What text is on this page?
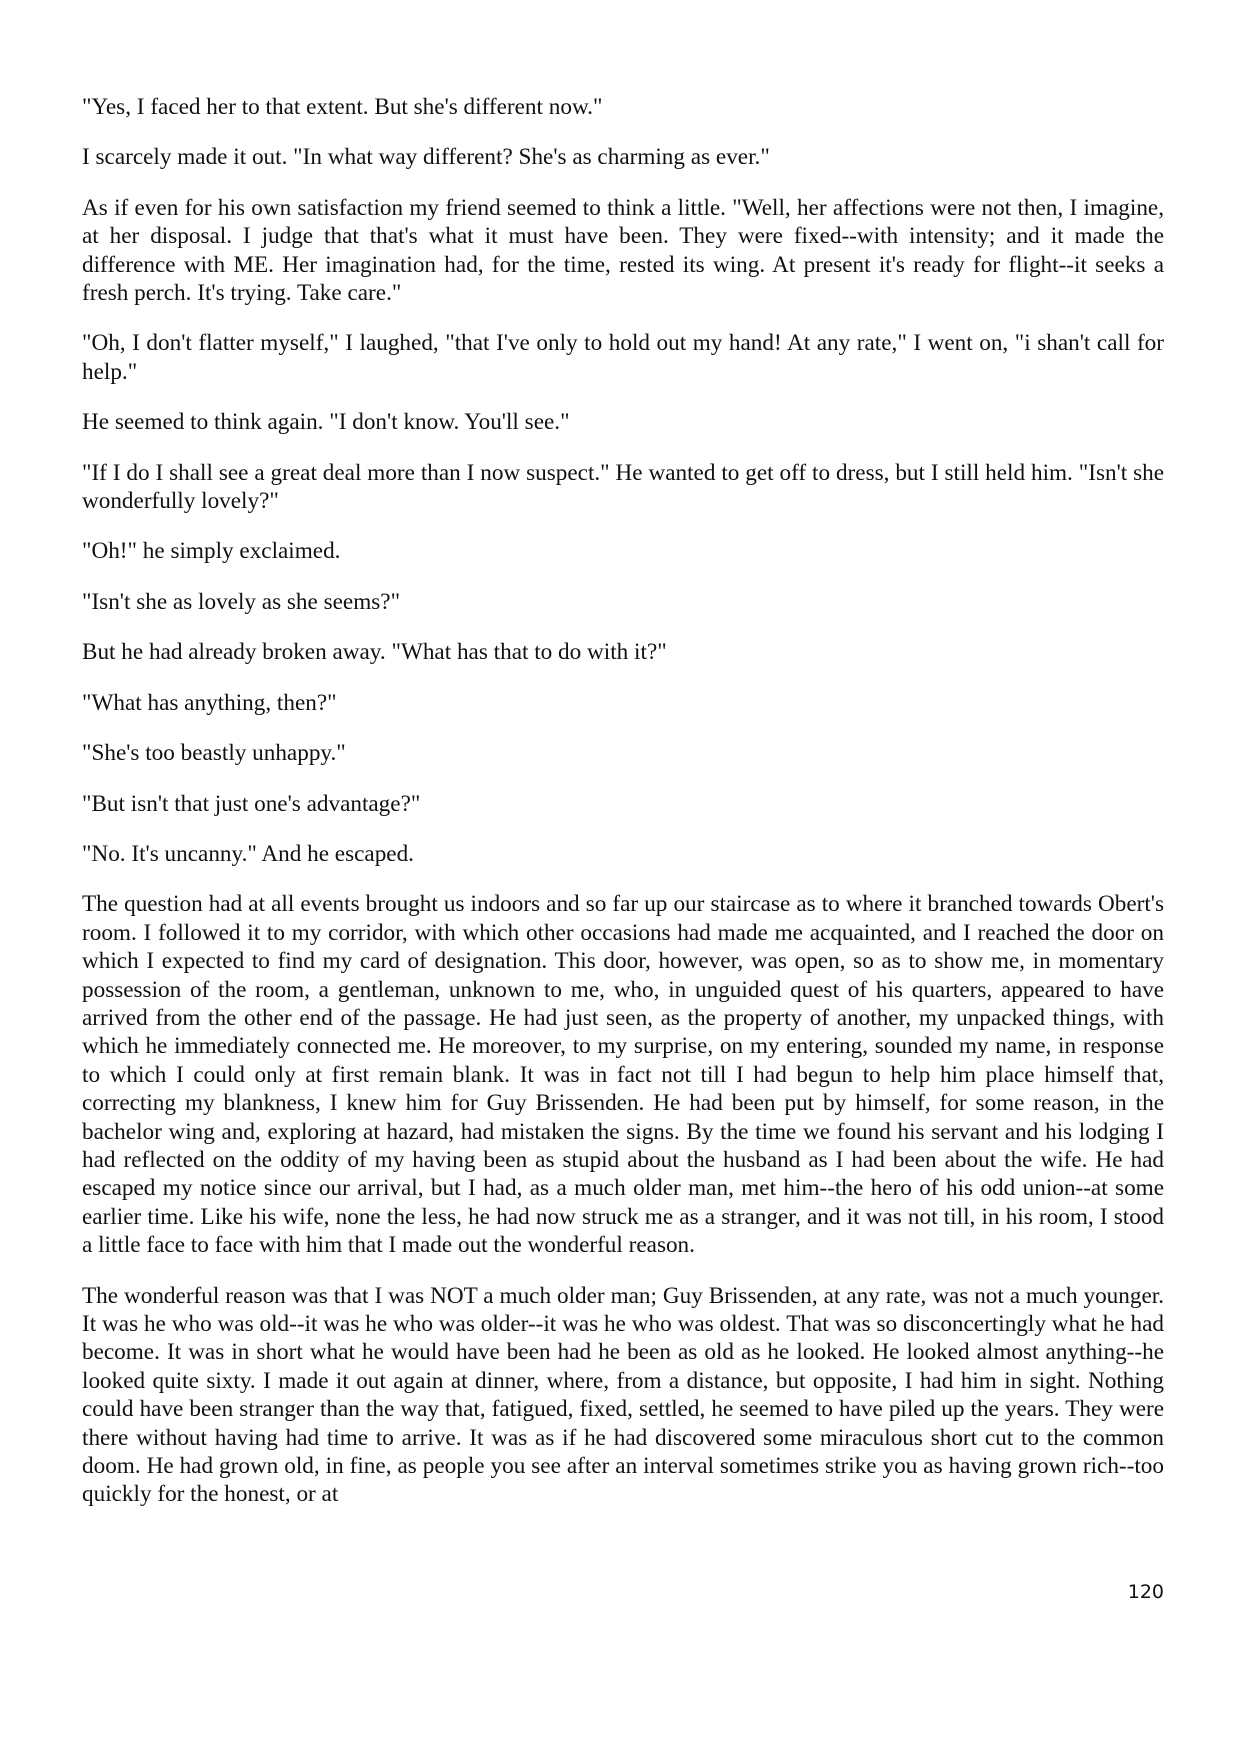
"Yes, I faced her to that extent. But she's different now."

I scarcely made it out. "In what way different? She's as charming as ever."

As if even for his own satisfaction my friend seemed to think a little. "Well, her affections were not then, I imagine, at her disposal. I judge that that's what it must have been. They were fixed--with intensity; and it made the difference with ME. Her imagination had, for the time, rested its wing. At present it's ready for flight--it seeks a fresh perch. It's trying. Take care."

"Oh, I don't flatter myself," I laughed, "that I've only to hold out my hand! At any rate," I went on, "i shan't call for help."

He seemed to think again. "I don't know. You'll see."

"If I do I shall see a great deal more than I now suspect." He wanted to get off to dress, but I still held him. "Isn't she wonderfully lovely?"

"Oh!" he simply exclaimed.

"Isn't she as lovely as she seems?"

But he had already broken away. "What has that to do with it?"

"What has anything, then?"

"She's too beastly unhappy."

"But isn't that just one's advantage?"

"No. It's uncanny." And he escaped.

The question had at all events brought us indoors and so far up our staircase as to where it branched towards Obert's room. I followed it to my corridor, with which other occasions had made me acquainted, and I reached the door on which I expected to find my card of designation. This door, however, was open, so as to show me, in momentary possession of the room, a gentleman, unknown to me, who, in unguided quest of his quarters, appeared to have arrived from the other end of the passage. He had just seen, as the property of another, my unpacked things, with which he immediately connected me. He moreover, to my surprise, on my entering, sounded my name, in response to which I could only at first remain blank. It was in fact not till I had begun to help him place himself that, correcting my blankness, I knew him for Guy Brissenden. He had been put by himself, for some reason, in the bachelor wing and, exploring at hazard, had mistaken the signs. By the time we found his servant and his lodging I had reflected on the oddity of my having been as stupid about the husband as I had been about the wife. He had escaped my notice since our arrival, but I had, as a much older man, met him--the hero of his odd union--at some earlier time. Like his wife, none the less, he had now struck me as a stranger, and it was not till, in his room, I stood a little face to face with him that I made out the wonderful reason.

The wonderful reason was that I was NOT a much older man; Guy Brissenden, at any rate, was not a much younger. It was he who was old--it was he who was older--it was he who was oldest. That was so disconcertingly what he had become. It was in short what he would have been had he been as old as he looked. He looked almost anything--he looked quite sixty. I made it out again at dinner, where, from a distance, but opposite, I had him in sight. Nothing could have been stranger than the way that, fatigued, fixed, settled, he seemed to have piled up the years. They were there without having had time to arrive. It was as if he had discovered some miraculous short cut to the common doom. He had grown old, in fine, as people you see after an interval sometimes strike you as having grown rich--too quickly for the honest, or at

120
